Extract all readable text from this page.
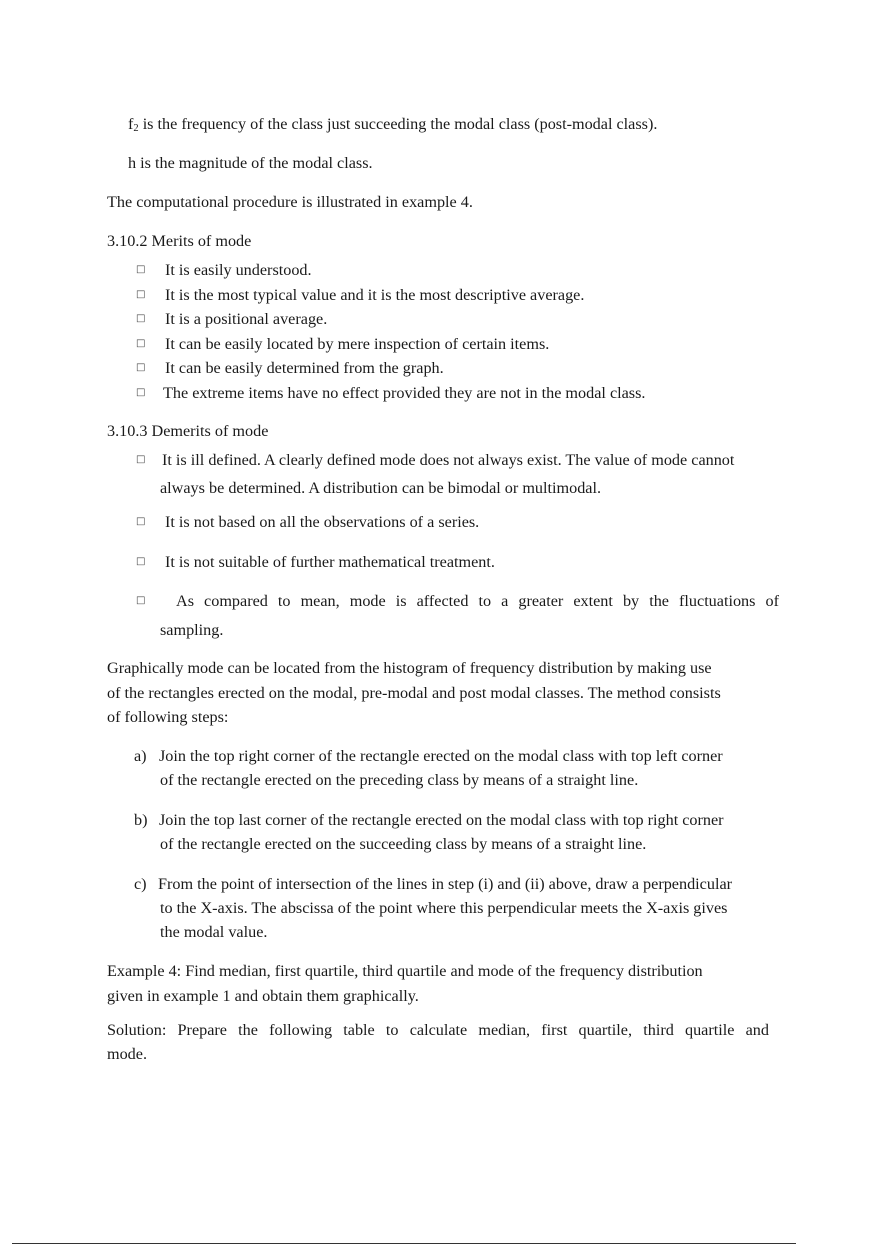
f2 is the frequency of the class just succeeding the modal class (post-modal class).
h is the magnitude of the modal class.
The computational procedure is illustrated in example 4.
3.10.2 Merits of mode
□ It is easily understood.
□ It is the most typical value and it is the most descriptive average.
□ It is a positional average.
□ It can be easily located by mere inspection of certain items.
□ It can be easily determined from the graph.
□ The extreme items have no effect provided they are not in the modal class.
3.10.3 Demerits of mode
□ It is ill defined. A clearly defined mode does not always exist. The value of mode cannot
always be determined. A distribution can be bimodal or multimodal.
□ It is not based on all the observations of a series.
□ It is not suitable of further mathematical treatment.
□ As compared to mean, mode is affected to a greater extent by the fluctuations of
sampling.
Graphically mode can be located from the histogram of frequency distribution by making use
of the rectangles erected on the modal, pre-modal and post modal classes. The method consists
of following steps:
a) Join the top right corner of the rectangle erected on the modal class with top left corner
of the rectangle erected on the preceding class by means of a straight line.
b) Join the top last corner of the rectangle erected on the modal class with top right corner
of the rectangle erected on the succeeding class by means of a straight line.
c) From the point of intersection of the lines in step (i) and (ii) above, draw a perpendicular
to the X-axis. The abscissa of the point where this perpendicular meets the X-axis gives
the modal value.
Example 4: Find median, first quartile, third quartile and mode of the frequency distribution
given in example 1 and obtain them graphically.
Solution: Prepare the following table to calculate median, first quartile, third quartile and
mode.
